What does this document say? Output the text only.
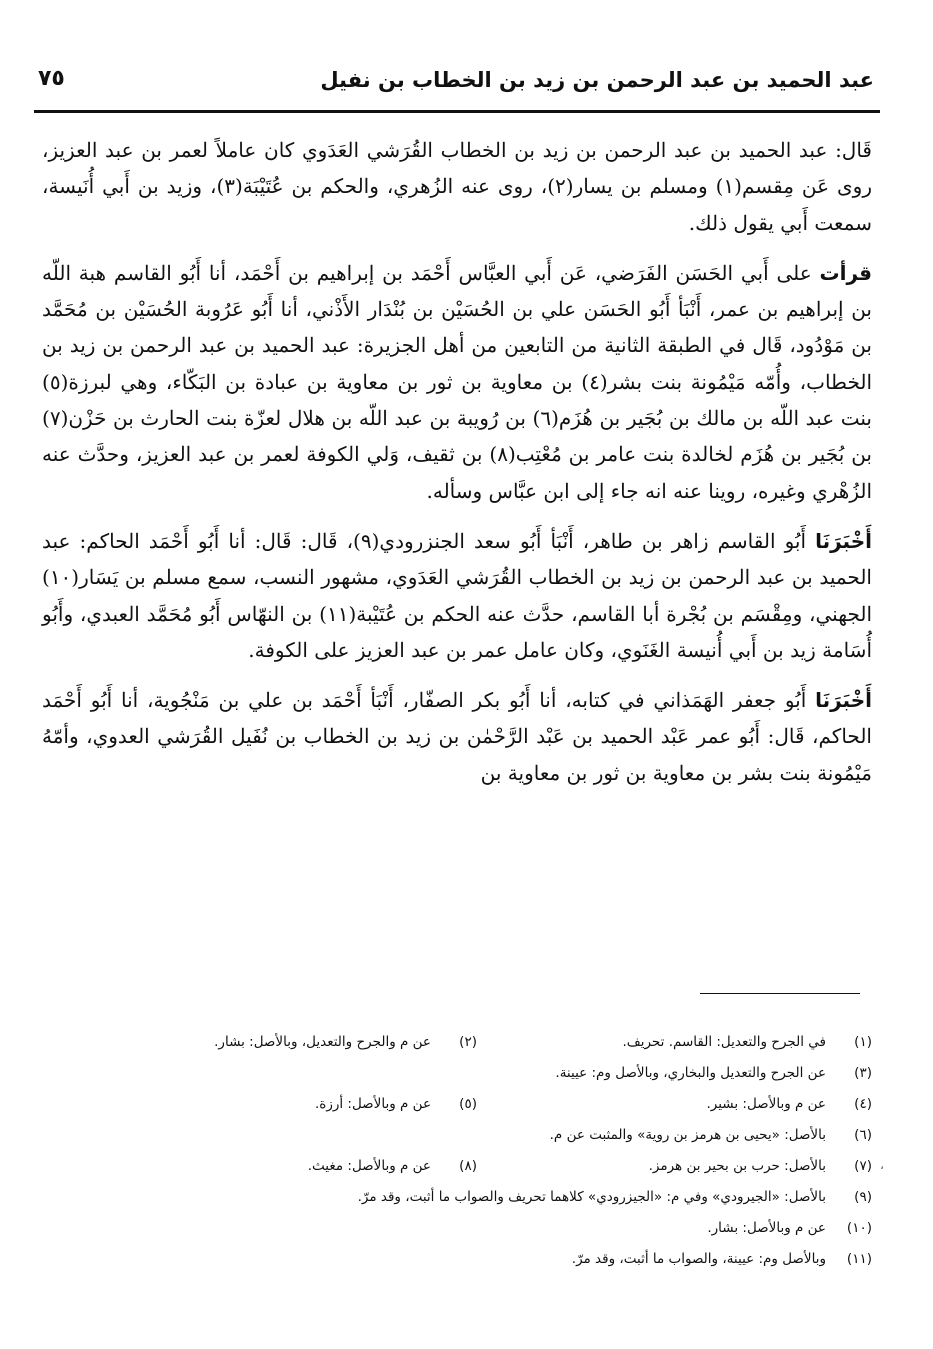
عبد الحميد بن عبد الرحمن بن زيد بن الخطاب بن نفيل
٧٥

قَال: عبد الحميد بن عبد الرحمن بن زيد بن الخطاب القُرَشي العَدَوي كان عاملاً لعمر بن عبد العزيز، روى عَن مِقسم(١) ومسلم بن يسار(٢)، روى عنه الزُهري، والحكم بن عُتَيْبَة(٣)، وزيد بن أَبي أُنَيسة، سمعت أَبي يقول ذلك.

قرأت على أَبي الحَسَن الفَرَضي، عَن أَبي العبَّاس أَحْمَد بن إبراهيم بن أَحْمَد، أنا أَبُو القاسم هبة اللّه بن إبراهيم بن عمر، أَنْبَأ أَبُو الحَسَن علي بن الحُسَيْن بن بُنْدَار الأَذْني، أنا أَبُو عَرُوبة الحُسَيْن بن مُحَمَّد بن مَوْدُود، قَال في الطبقة الثانية من التابعين من أهل الجزيرة: عبد الحميد بن عبد الرحمن بن زيد بن الخطاب، وأُمّه مَيْمُونة بنت بشر(٤) بن معاوية بن ثور بن معاوية بن عبادة بن البَكّاء، وهي لبرزة(٥) بنت عبد اللّه بن مالك بن بُجَير بن هُزَم(٦) بن رُويبة بن عبد اللّه بن هلال لعزّة بنت الحارث بن حَزْن(٧) بن بُجَير بن هُزَم لخالدة بنت عامر بن مُعْتِب(٨) بن ثقيف، وَلي الكوفة لعمر بن عبد العزيز، وحدَّث عنه الزُهْري وغيره، روينا عنه انه جاء إلى ابن عبَّاس وسأله.

أَخْبَرَنَا أَبُو القاسم زاهر بن طاهر، أَنْبَأ أَبُو سعد الجنزرودي(٩)، قَال: قَال: أنا أَبُو أَحْمَد الحاكم: عبد الحميد بن عبد الرحمن بن زيد بن الخطاب القُرَشي العَدَوي، مشهور النسب، سمع مسلم بن يَسَار(١٠) الجهني، ومِقْسَم بن بُجْرة أبا القاسم، حدَّث عنه الحكم بن عُتَيْبة(١١) بن النهّاس أَبُو مُحَمَّد العبدي، وأَبُو أُسَامة زيد بن أَبي أُنيسة الغَنَوي، وكان عامل عمر بن عبد العزيز على الكوفة.

أَخْبَرَنَا أَبُو جعفر الهَمَذاني في كتابه، أنا أَبُو بكر الصفّار، أَنْبَأ أَحْمَد بن علي بن مَنْجُوية، أنا أَبُو أَحْمَد الحاكم، قَال: أَبُو عمر عَبْد الحميد بن عَبْد الرَّحْمٰن بن زيد بن الخطاب بن نُفَيل القُرَشي العدوي، وأمّهُ مَيْمُونة بنت بشر بن معاوية بن ثور بن معاوية بن

(١)
في الجرح والتعديل: القاسم. تحريف.
(٢)
عن م والجرح والتعديل، وبالأصل: بشار.
(٣)
عن الجرح والتعديل والبخاري، وبالأصل وم: عيينة.
(٤)
عن م وبالأصل: بشير.
(٥)
عن م وبالأصل: أرزة.
(٦)
بالأصل: «يحيى بن هرمز بن روية» والمثبت عن م.
(٧)
بالأصل: حرب بن بحير بن هرمز.
(٨)
عن م وبالأصل: مغيث.
(٩)
بالأصل: «الجيرودي» وفي م: «الجيزرودي» كلاهما تحريف والصواب ما أثبت، وقد مرّ.
(١٠)
عن م وبالأصل: بشار.
(١١)
وبالأصل وم: عيينة، والصواب ما أثبت، وقد مرّ.
،
